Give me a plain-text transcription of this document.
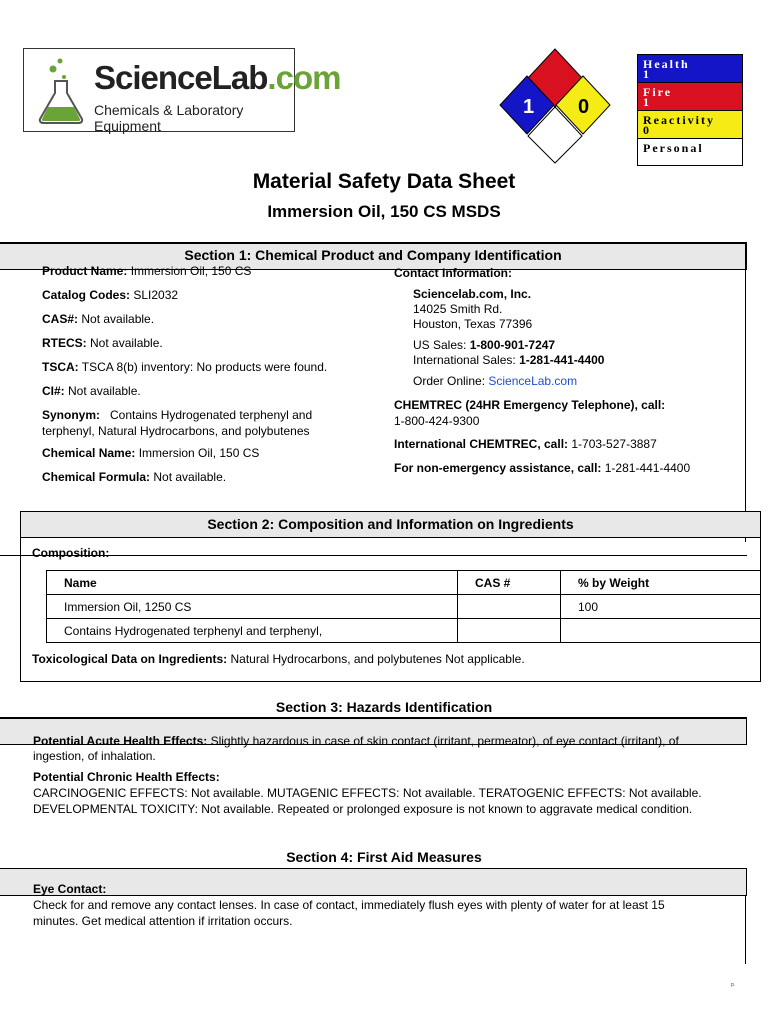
ScienceLab.com
Chemicals & Laboratory Equipment
1 0
Health
1
Fire
1
Reactivity
0
Personal

Material Safety Data Sheet
Immersion Oil, 150 CS MSDS
Section 1: Chemical Product and Company Identification
Product Name: Immersion Oil, 150 CS
Catalog Codes: SLI2032
CAS#: Not available.
RTECS: Not available.
TSCA: TSCA 8(b) inventory: No products were found.
CI#: Not available.
Synonym:   Contains Hydrogenated terphenyl and
terphenyl, Natural Hydrocarbons, and polybutenes
Chemical Name: Immersion Oil, 150 CS
Chemical Formula: Not available.
Contact Information:
Sciencelab.com, Inc.
14025 Smith Rd.
Houston, Texas 77396
US Sales: 1-800-901-7247
International Sales: 1-281-441-4400
Order Online: ScienceLab.com
CHEMTREC (24HR Emergency Telephone), call:
1-800-424-9300
International CHEMTREC, call: 1-703-527-3887
For non-emergency assistance, call: 1-281-441-4400
Section 2: Composition and Information on Ingredients
Composition:
Name	CAS #	% by Weight
Immersion Oil, 1250 CS		100
Contains Hydrogenated terphenyl and terphenyl,		
Toxicological Data on Ingredients: Natural Hydrocarbons, and polybutenes Not applicable.
Section 3: Hazards Identification
Potential Acute Health Effects: Slightly hazardous in case of skin contact (irritant, permeator), of eye contact (irritant), of
ingestion, of inhalation.
Potential Chronic Health Effects:
CARCINOGENIC EFFECTS: Not available. MUTAGENIC EFFECTS: Not available. TERATOGENIC EFFECTS: Not available.
DEVELOPMENTAL TOXICITY: Not available. Repeated or prolonged exposure is not known to aggravate medical condition.
Section 4: First Aid Measures
Eye Contact:
Check for and remove any contact lenses. In case of contact, immediately flush eyes with plenty of water for at least 15
minutes. Get medical attention if irritation occurs.
p.
